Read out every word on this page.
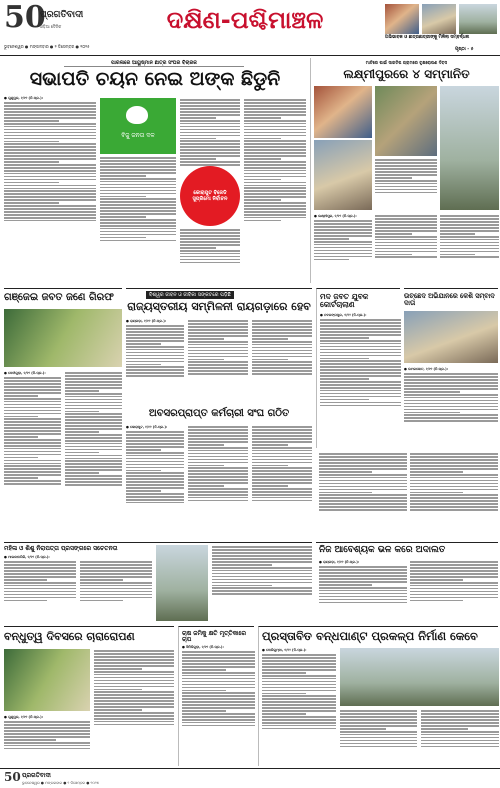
50
ପ୍ରଗତିବାଦୀ
ଓଡ଼ିଆ ଦୈନିକ
ଭୁବନେଶ୍ୱର ● ମଙ୍ଗଳବାର ● ୨ ଡିସେମ୍ବର ● ୨୦୨୫
ଦକ୍ଷିଣ-ପଶ୍ଚିମାଞ୍ଚଳ
ଅଭିଭାବକ ଓ ଛାତ୍ରଛାତ୍ରୀଙ୍କୁ ମିଳିଲା ସମ୍ବର୍ଦ୍ଧନା
ପୃଷ୍ଠା - ୫
ପାରଳାରେ ଆୟୁଷ୍ମାନ ଛାତ୍ର ସଂଘର ବିଚାରକ
ସଭାପତି ଚୟନ ନେଇ ଅଙ୍କ ଛିଡୁନି
● ଗୁଣୁପୁର, ୧/୧୨ (ନି.ପ୍ର.):
ବିଜୁ ଜନତା ଦଳ
କୋରାପୁଟ ବିଜେଡି ସୁପ୍ରିମୋ ନିର୍ବାଚନ
ମାଟିରେ ପାଇଁ ସାରତିପ ଗ୍ରାମରେ ବୃକ୍ଷରୋପଣ ଦିବସ
ଲକ୍ଷ୍ମୀପୁରରେ ୪ ସମ୍ମାନିତ
● ଲକ୍ଷ୍ମୀପୁର, ୧/୧୨ (ନି.ପ୍ର.):
ଗଞ୍ଜେଇ ଜବତ ଜଣେ ଗିରଫ
● ଦେବୀଗୁଡ଼ା, ୧/୧୨ (ନି.ପ୍ର.):
ବିଶ୍ୱର ଜୀବନ ଓ ଜୀବିକା ସଙ୍କଟରେ ପଡ଼ିଛି
ରାଜ୍ୟସ୍ତରୀୟ ସମ୍ମିଳନୀ ରାୟଗଡ଼ାରେ ହେବ
● ରାୟଗଡ଼ା, ୧/୧୨ (ନି.ପ୍ର.):
ଅବସରପ୍ରାପ୍ତ କର୍ମଚାରୀ ସଂଘ ଗଠିତ
● କୋରାପୁଟ, ୧/୧୨ (ନି.ପ୍ର.):
ମଦ ଜବତ ଯୁବକ କୋର୍ଟଚାଲାଣ
● ନବରଙ୍ଗପୁର, ୧/୧୨ (ନି.ପ୍ର.):
ଉଚ୍ଛେଦ ଅଭିଯାନରେ କେଶି ସମ୍ବାଦ ଦାତା
● ଉମରକୋଟ, ୧/୧୨ (ନି.ପ୍ର.):
ନିଜ ଆବେଶ୍ୟକ ଭଳ କରେ ଅଦାଲତ
● ରାୟଗଡ଼ା, ୧/୧୨ (ନି.ପ୍ର.):
ମହିଳା ଓ ଶିଶୁ ନିରାପତ୍ତା ପ୍ରସଙ୍ଗରେ ସଚେତନତା
● ମାଲକାନଗିରି, ୧/୧୨ (ନି.ପ୍ର.):
ବନ୍ଧୁତ୍ୱ ଦିବସରେ ଚାରାରୋପଣ
● ଗୁଣୁପୁର, ୧/୧୨ (ନି.ପ୍ର.):
ଚାଷ ଜମିକୁ କ୍ଷତି ମୃତ୍ତିକାରେ ଚାପ
● ସିମିଳିଗୁଡ଼ା, ୧/୧୨ (ନି.ପ୍ର.):
ପ୍ରସ୍ତାବିତ ବନ୍ଧପାଣ୍ଟ ପ୍ରକଳ୍ପ ନିର୍ମାଣ କେବେ
● ବୋରିଗୁମ୍ମା, ୧/୧୨ (ନି.ପ୍ର.):
50 ପ୍ରଗତିବାଦୀ
ଭୁବନେଶ୍ୱର ● ମଙ୍ଗଳବାର ● ୨ ଡିସେମ୍ବର ● ୨୦୨୫
